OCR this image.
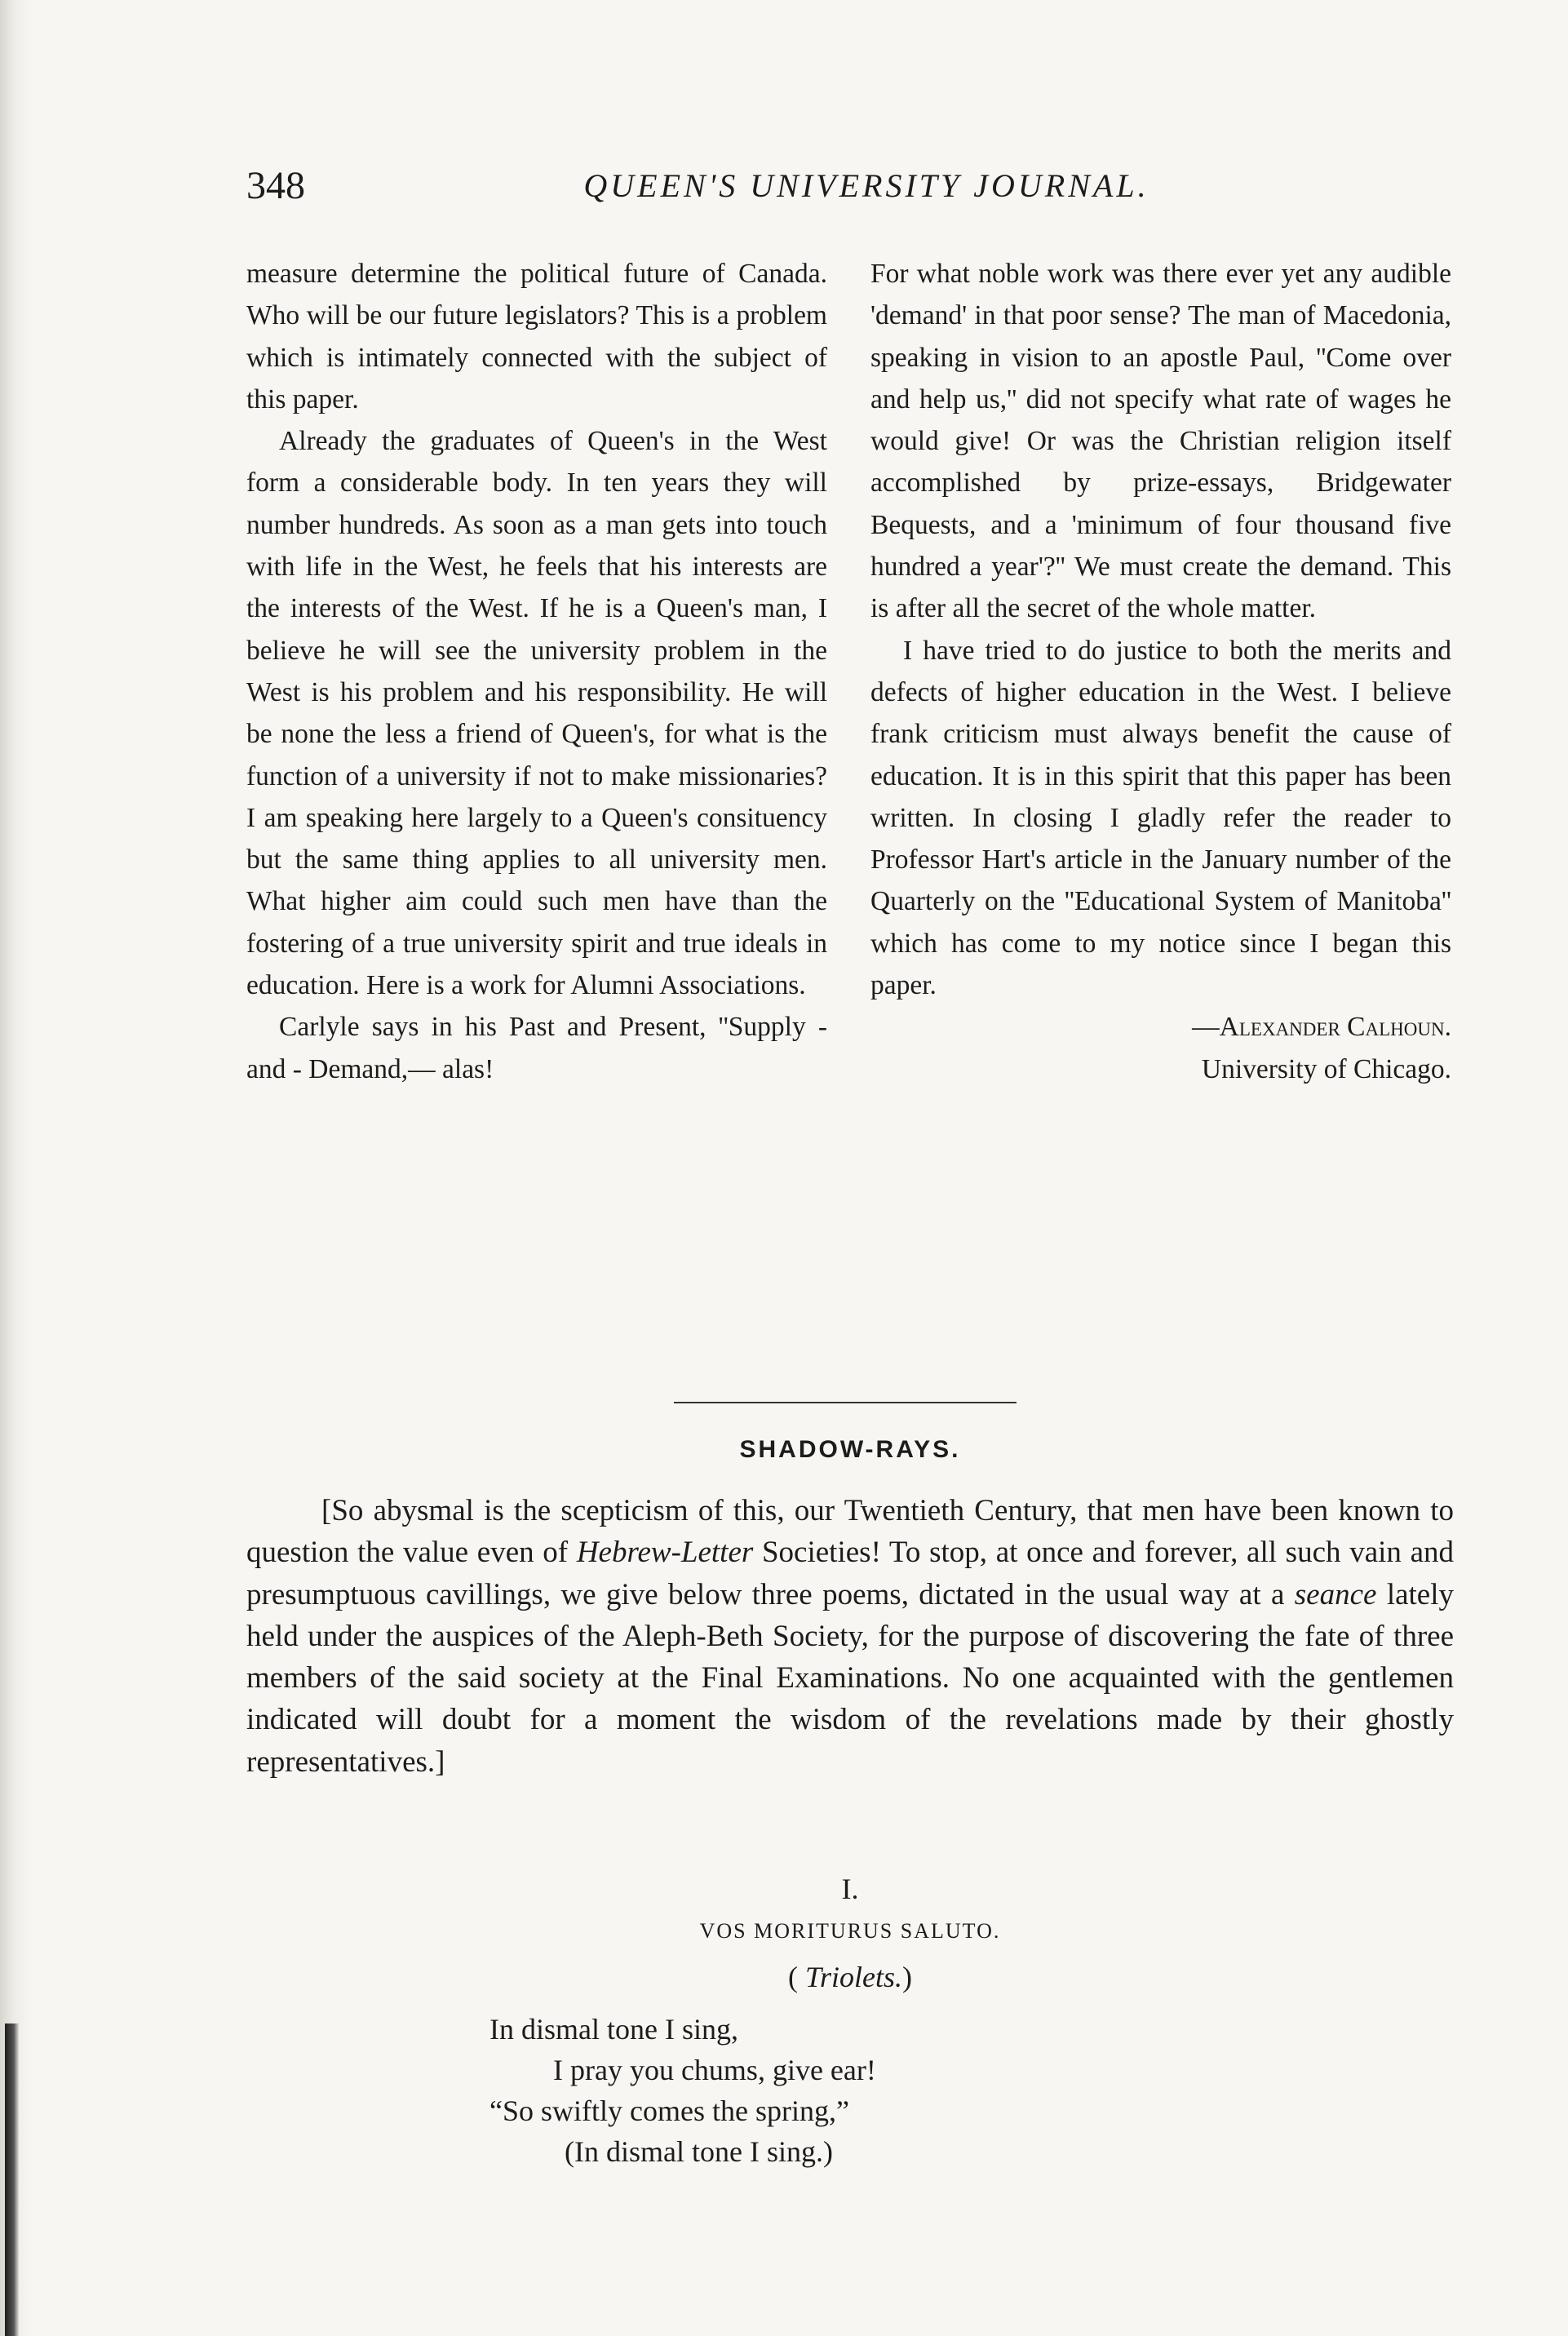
348	QUEEN'S UNIVERSITY JOURNAL.

measure determine the political future of Canada. Who will be our future legislators? This is a problem which is intimately connected with the subject of this paper.

Already the graduates of Queen's in the West form a considerable body. In ten years they will number hundreds. As soon as a man gets into touch with life in the West, he feels that his interests are the interests of the West. If he is a Queen's man, I believe he will see the university problem in the West is his problem and his responsibility. He will be none the less a friend of Queen's, for what is the function of a university if not to make missionaries? I am speaking here largely to a Queen's consituency but the same thing applies to all university men. What higher aim could such men have than the fostering of a true university spirit and true ideals in education. Here is a work for Alumni Associations.

Carlyle says in his Past and Present, ''Supply - and - Demand,— alas!

For what noble work was there ever yet any audible 'demand' in that poor sense? The man of Macedonia, speaking in vision to an apostle Paul, ''Come over and help us,'' did not specify what rate of wages he would give! Or was the Christian religion itself accomplished by prize-essays, Bridgewater Bequests, and a 'minimum of four thousand five hundred a year'?'' We must create the demand. This is after all the secret of the whole matter.

I have tried to do justice to both the merits and defects of higher education in the West. I believe frank criticism must always benefit the cause of education. It is in this spirit that this paper has been written. In closing I gladly refer the reader to Professor Hart's article in the January number of the Quarterly on the ''Educational System of Manitoba'' which has come to my notice since I began this paper.

—Alexander Calhoun.
University of Chicago.
SHADOW-RAYS.

[So abysmal is the scepticism of this, our Twentieth Century, that men have been known to question the value even of Hebrew-Letter Societies! To stop, at once and forever, all such vain and presumptuous cavillings, we give below three poems, dictated in the usual way at a seance lately held under the auspices of the Aleph-Beth Society, for the purpose of discovering the fate of three members of the said society at the Final Examinations. No one acquainted with the gentlemen indicated will doubt for a moment the wisdom of the revelations made by their ghostly representatives.]

I.
VOS MORITURUS SALUTO.
( Triolets.)
In dismal tone I sing,
I pray you chums, give ear!
“So swiftly comes the spring,”
(In dismal tone I sing.)
